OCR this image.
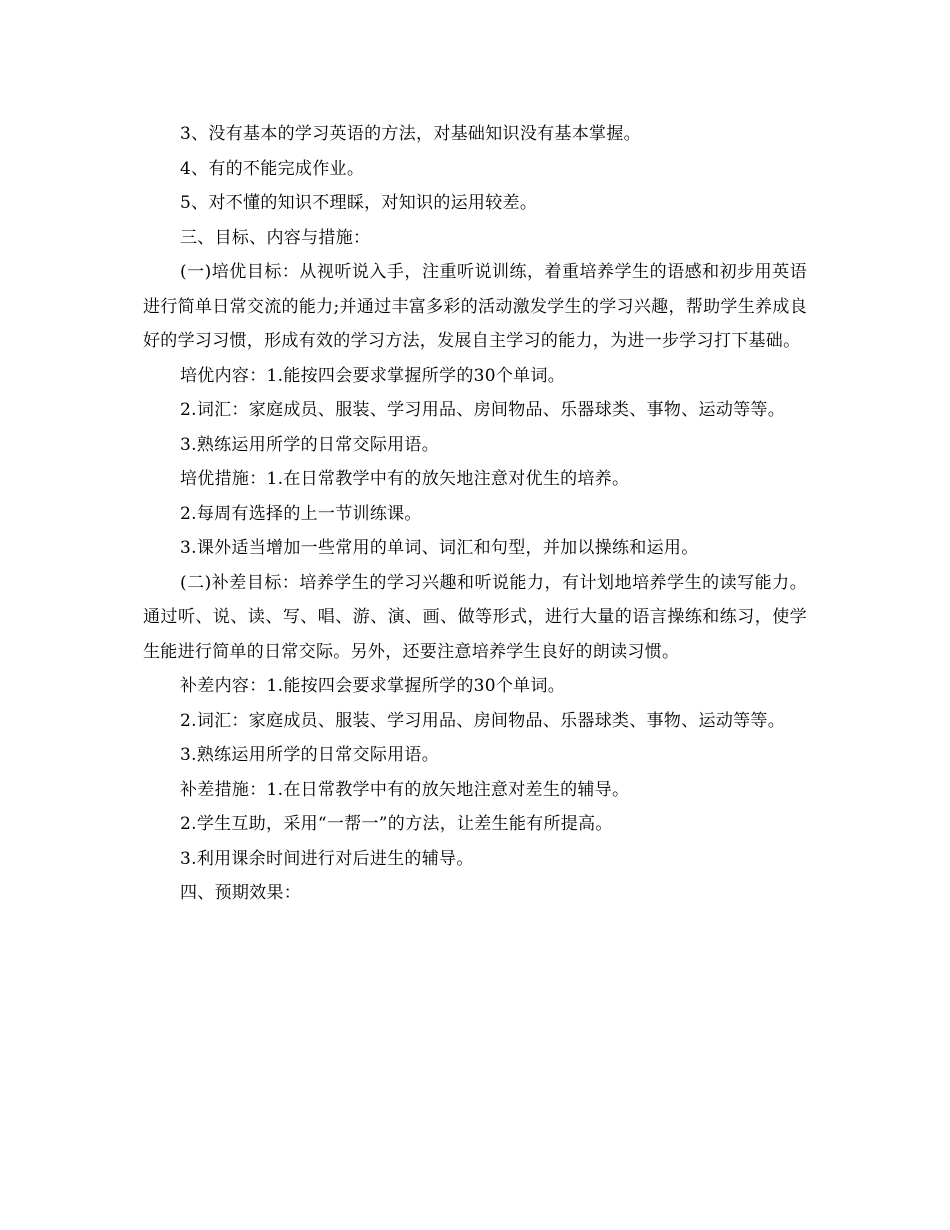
3、没有基本的学习英语的方法，对基础知识没有基本掌握。

4、有的不能完成作业。

5、对不懂的知识不理睬，对知识的运用较差。

三、目标、内容与措施：

(一)培优目标：从视听说入手，注重听说训练，着重培养学生的语感和初步用英语进行简单日常交流的能力;并通过丰富多彩的活动激发学生的学习兴趣，帮助学生养成良好的学习习惯，形成有效的学习方法，发展自主学习的能力，为进一步学习打下基础。

培优内容：1.能按四会要求掌握所学的30个单词。

2.词汇：家庭成员、服装、学习用品、房间物品、乐器球类、事物、运动等等。

3.熟练运用所学的日常交际用语。

培优措施：1.在日常教学中有的放矢地注意对优生的培养。

2.每周有选择的上一节训练课。

3.课外适当增加一些常用的单词、词汇和句型，并加以操练和运用。

(二)补差目标：培养学生的学习兴趣和听说能力，有计划地培养学生的读写能力。通过听、说、读、写、唱、游、演、画、做等形式，进行大量的语言操练和练习，使学生能进行简单的日常交际。另外，还要注意培养学生良好的朗读习惯。

补差内容：1.能按四会要求掌握所学的30个单词。

2.词汇：家庭成员、服装、学习用品、房间物品、乐器球类、事物、运动等等。

3.熟练运用所学的日常交际用语。

补差措施：1.在日常教学中有的放矢地注意对差生的辅导。

2.学生互助，采用“一帮一”的方法，让差生能有所提高。

3.利用课余时间进行对后进生的辅导。

四、预期效果：
